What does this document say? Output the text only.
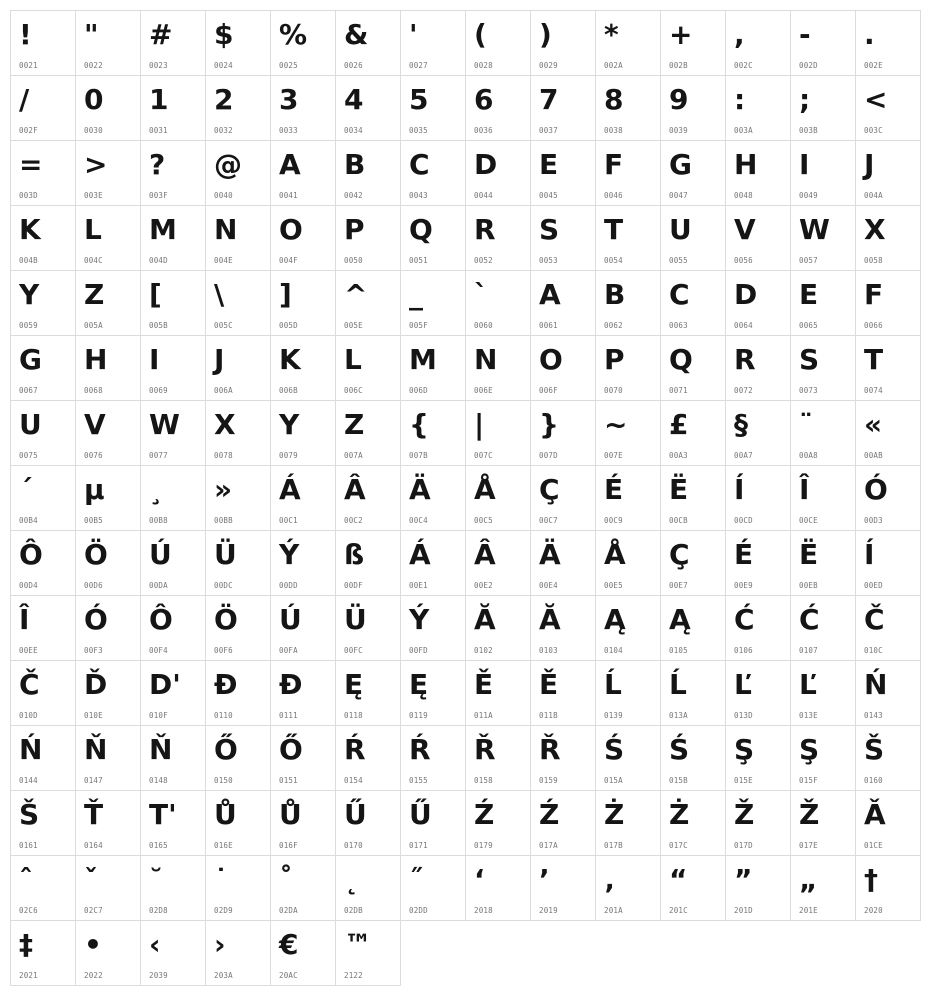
!
0021
"
0022
#
0023
$
0024
%
0025
&
0026
'
0027
(
0028
)
0029
*
002A
+
002B
,
002C
-
002D
.
002E
/
002F
0
0030
1
0031
2
0032
3
0033
4
0034
5
0035
6
0036
7
0037
8
0038
9
0039
:
003A
;
003B
<
003C
=
003D
>
003E
?
003F
@
0040
A
0041
B
0042
C
0043
D
0044
E
0045
F
0046
G
0047
H
0048
I
0049
J
004A
K
004B
L
004C
M
004D
N
004E
O
004F
P
0050
Q
0051
R
0052
S
0053
T
0054
U
0055
V
0056
W
0057
X
0058
Y
0059
Z
005A
[
005B
\
005C
]
005D
^
005E
_
005F
`
0060
A
0061
B
0062
C
0063
D
0064
E
0065
F
0066
G
0067
H
0068
I
0069
J
006A
K
006B
L
006C
M
006D
N
006E
O
006F
P
0070
Q
0071
R
0072
S
0073
T
0074
U
0075
V
0076
W
0077
X
0078
Y
0079
Z
007A
{
007B
|
007C
}
007D
~
007E
£
00A3
§
00A7
¨
00A8
«
00AB
´
00B4
µ
00B5
¸
00B8
»
00BB
Á
00C1
Â
00C2
Ä
00C4
Å
00C5
Ç
00C7
É
00C9
Ë
00CB
Í
00CD
Î
00CE
Ó
00D3
Ô
00D4
Ö
00D6
Ú
00DA
Ü
00DC
Ý
00DD
ß
00DF
Á
00E1
Â
00E2
Ä
00E4
Å
00E5
Ç
00E7
É
00E9
Ë
00EB
Í
00ED
Î
00EE
Ó
00F3
Ô
00F4
Ö
00F6
Ú
00FA
Ü
00FC
Ý
00FD
Ă
0102
Ă
0103
Ą
0104
Ą
0105
Ć
0106
Ć
0107
Č
010C
Č
010D
Ď
010E
D'
010F
Đ
0110
Đ
0111
Ę
0118
Ę
0119
Ě
011A
Ě
011B
Ĺ
0139
Ĺ
013A
Ľ
013D
Ľ
013E
Ń
0143
Ń
0144
Ň
0147
Ň
0148
Ő
0150
Ő
0151
Ŕ
0154
Ŕ
0155
Ř
0158
Ř
0159
Ś
015A
Ś
015B
Ş
015E
Ş
015F
Š
0160
Š
0161
Ť
0164
T'
0165
Ů
016E
Ů
016F
Ű
0170
Ű
0171
Ź
0179
Ź
017A
Ż
017B
Ż
017C
Ž
017D
Ž
017E
Ǎ
01CE
ˆ
02C6
ˇ
02C7
˘
02D8
˙
02D9
˚
02DA
˛
02DB
˝
02DD
‘
2018
’
2019
‚
201A
“
201C
”
201D
„
201E
†
2020
‡
2021
•
2022
‹
2039
›
203A
€
20AC
™
2122
